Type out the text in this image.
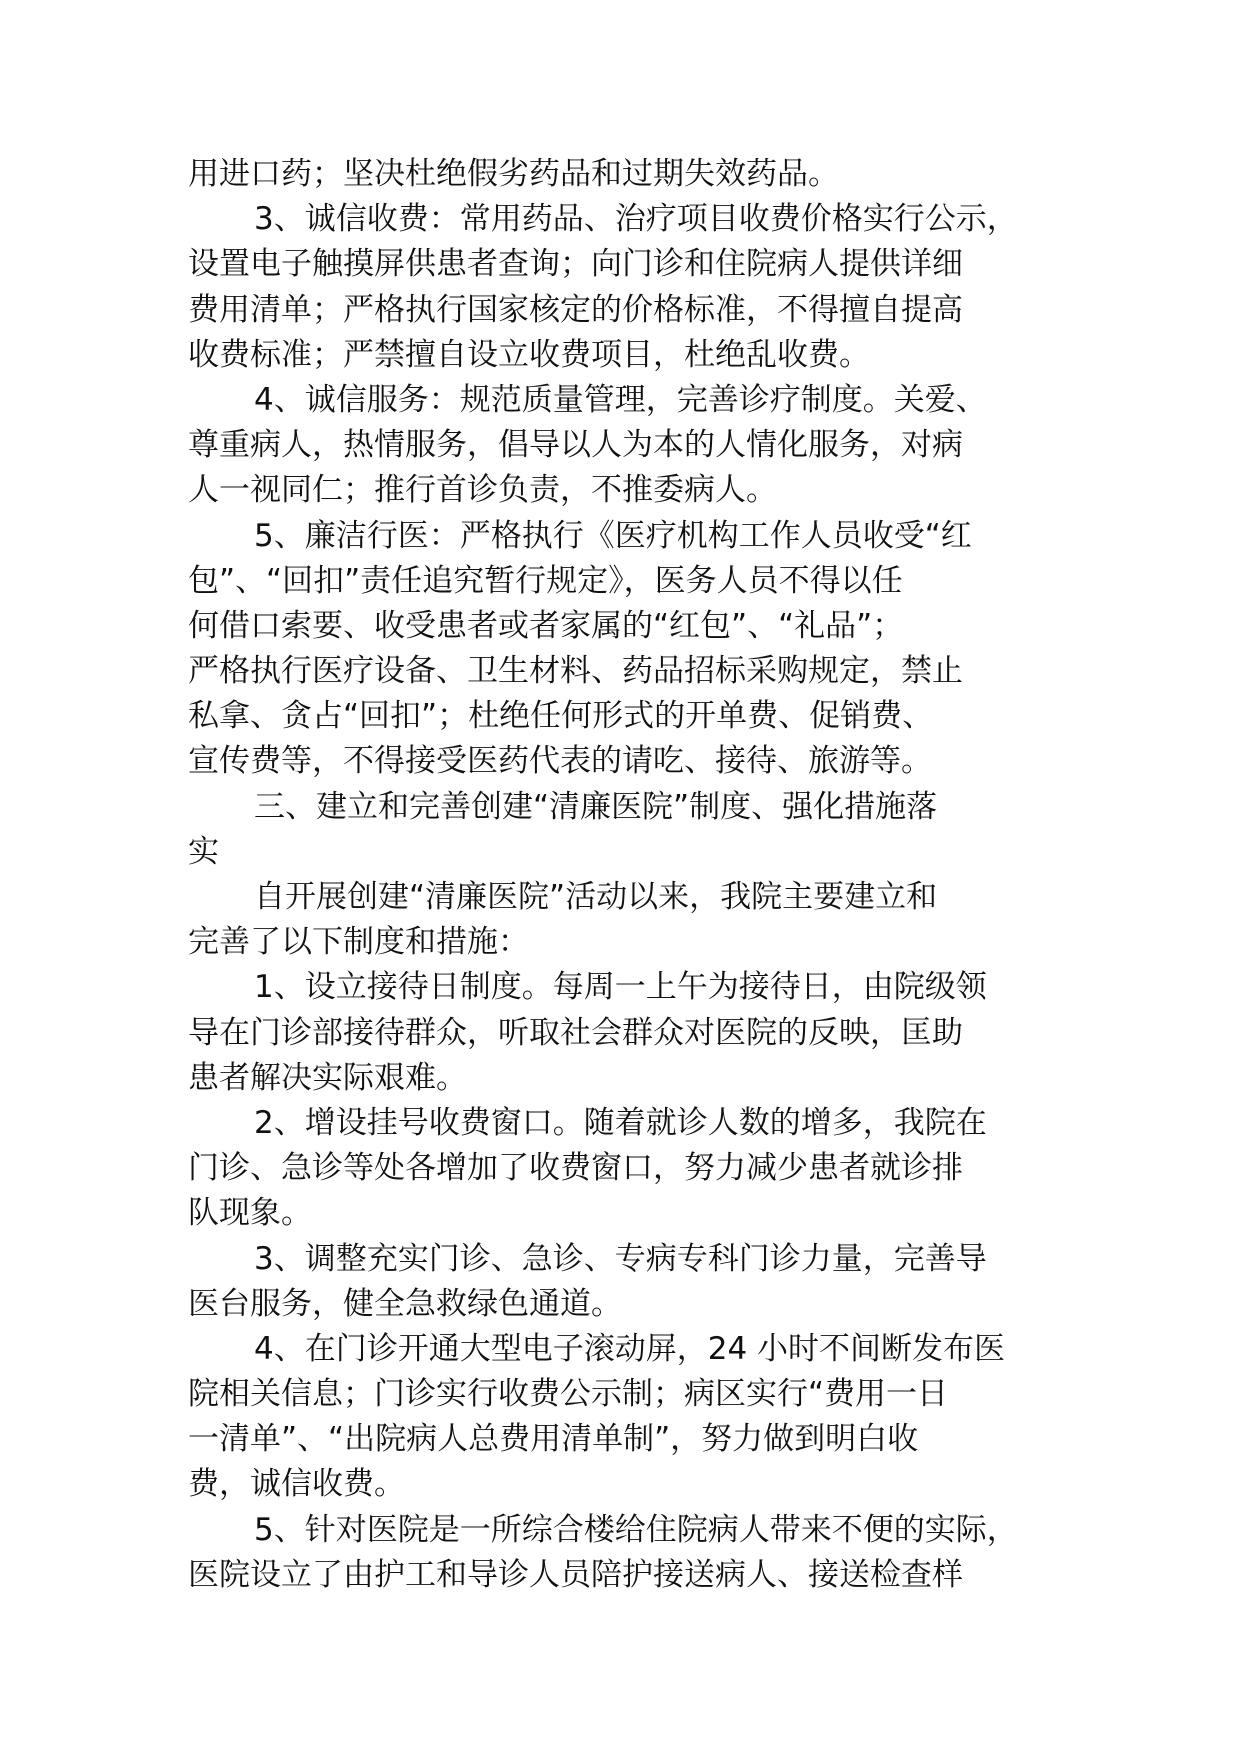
用进口药；坚决杜绝假劣药品和过期失效药品。
3、诚信收费：常用药品、治疗项目收费价格实行公示，
设置电子触摸屏供患者查询；向门诊和住院病人提供详细
费用清单；严格执行国家核定的价格标准，不得擅自提高
收费标准；严禁擅自设立收费项目，杜绝乱收费。
4、诚信服务：规范质量管理，完善诊疗制度。关爱、
尊重病人，热情服务，倡导以人为本的人情化服务，对病
人一视同仁；推行首诊负责，不推委病人。
5、廉洁行医：严格执行《医疗机构工作人员收受“红
包”、“回扣”责任追究暂行规定》，医务人员不得以任
何借口索要、收受患者或者家属的“红包”、“礼品”；
严格执行医疗设备、卫生材料、药品招标采购规定，禁止
私拿、贪占“回扣”；杜绝任何形式的开单费、促销费、
宣传费等，不得接受医药代表的请吃、接待、旅游等。
三、建立和完善创建“清廉医院”制度、强化措施落
实
自开展创建“清廉医院”活动以来，我院主要建立和
完善了以下制度和措施：
1、设立接待日制度。每周一上午为接待日，由院级领
导在门诊部接待群众，听取社会群众对医院的反映，匡助
患者解决实际艰难。
2、增设挂号收费窗口。随着就诊人数的增多，我院在
门诊、急诊等处各增加了收费窗口，努力减少患者就诊排
队现象。
3、调整充实门诊、急诊、专病专科门诊力量，完善导
医台服务，健全急救绿色通道。
4、在门诊开通大型电子滚动屏，24 小时不间断发布医
院相关信息；门诊实行收费公示制；病区实行“费用一日
一清单”、“出院病人总费用清单制”，努力做到明白收
费，诚信收费。
5、针对医院是一所综合楼给住院病人带来不便的实际，
医院设立了由护工和导诊人员陪护接送病人、接送检查样
